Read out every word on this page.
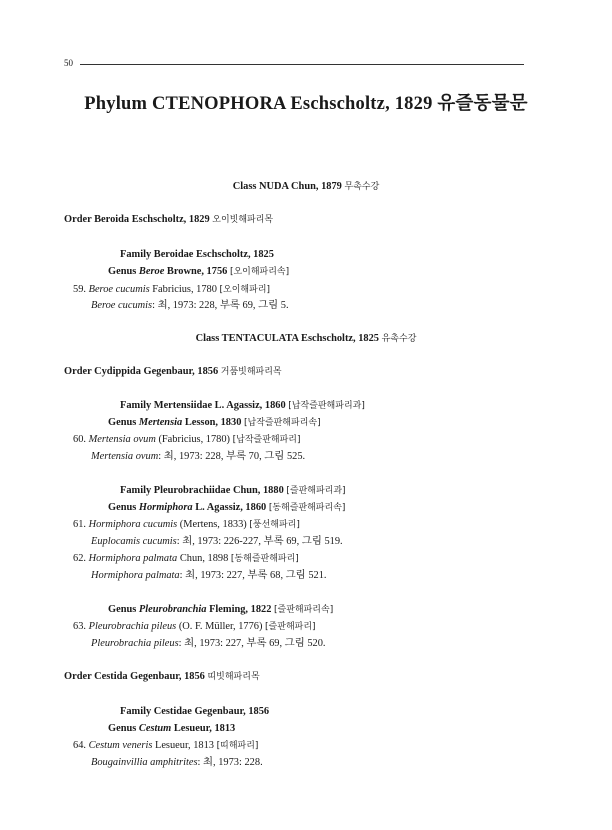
50
Phylum CTENOPHORA Eschscholtz, 1829 유즐동물문
Class NUDA Chun, 1879 무촉수강
Order Beroida Eschscholtz, 1829 오이빗해파리목
Family Beroidae Eschscholtz, 1825
Genus Beroe Browne, 1756 [오이해파리속]
59. Beroe cucumis Fabricius, 1780 [오이해파리]
Beroe cucumis: 최, 1973: 228, 부록 69, 그림 5.
Class TENTACULATA Eschscholtz, 1825 유촉수강
Order Cydippida Gegenbaur, 1856 거품빗해파리목
Family Mertensiidae L. Agassiz, 1860 [납작즐판해파리과]
Genus Mertensia Lesson, 1830 [납작즐판해파리속]
60. Mertensia ovum (Fabricius, 1780) [납작즐판해파리]
Mertensia ovum: 최, 1973: 228, 부록 70, 그림 525.
Family Pleurobrachiidae Chun, 1880 [즐판해파리과]
Genus Hormiphora L. Agassiz, 1860 [동해즐판해파리속]
61. Hormiphora cucumis (Mertens, 1833) [풍선해파리]
Euplocamis cucumis: 최, 1973: 226-227, 부록 69, 그림 519.
62. Hormiphora palmata Chun, 1898 [동해즐판해파리]
Hormiphora palmata: 최, 1973: 227, 부록 68, 그림 521.
Genus Pleurobranchia Fleming, 1822 [즐판해파리속]
63. Pleurobrachia pileus (O. F. Müller, 1776) [즐판해파리]
Pleurobrachia pileus: 최, 1973: 227, 부록 69, 그림 520.
Order Cestida Gegenbaur, 1856 띠빗해파리목
Family Cestidae Gegenbaur, 1856
Genus Cestum Lesueur, 1813
64. Cestum veneris Lesueur, 1813 [띠해파리]
Bougainvillia amphitrites: 최, 1973: 228.
